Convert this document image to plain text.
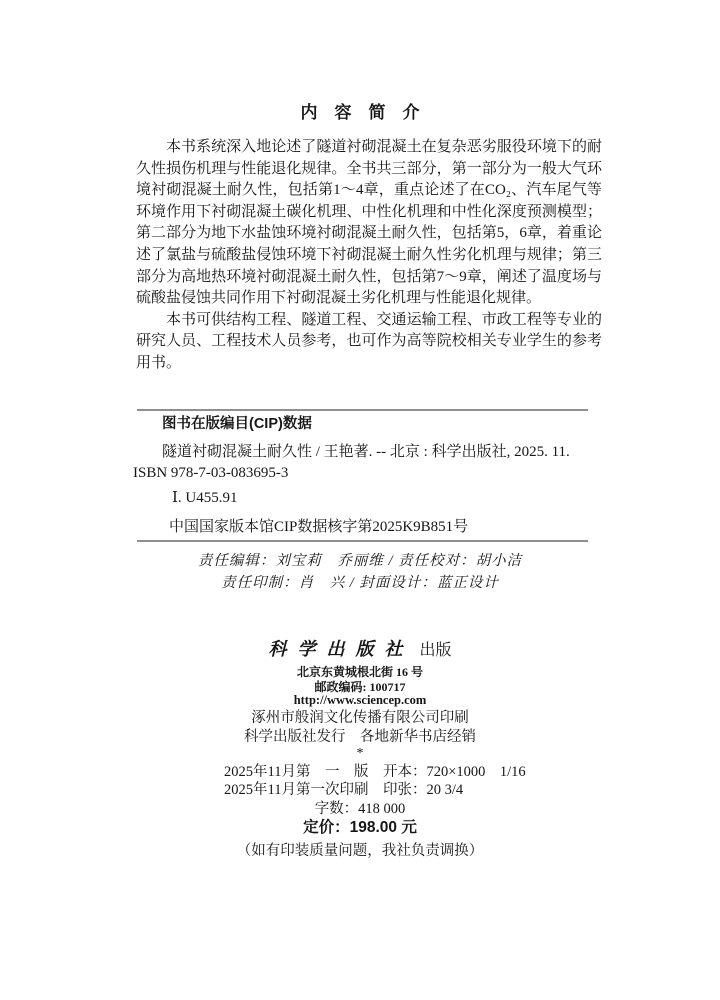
内容简介

本书系统深入地论述了隧道衬砌混凝土在复杂恶劣服役环境下的耐久性损伤机理与性能退化规律。全书共三部分，第一部分为一般大气环境衬砌混凝土耐久性，包括第1～4章，重点论述了在CO₂、汽车尾气等环境作用下衬砌混凝土碳化机理、中性化机理和中性化深度预测模型；第二部分为地下水盐蚀环境衬砌混凝土耐久性，包括第5，6章，着重论述了氯盐与硫酸盐侵蚀环境下衬砌混凝土耐久性劣化机理与规律；第三部分为高地热环境衬砌混凝土耐久性，包括第7～9章，阐述了温度场与硫酸盐侵蚀共同作用下衬砌混凝土劣化机理与性能退化规律。

本书可供结构工程、隧道工程、交通运输工程、市政工程等专业的研究人员、工程技术人员参考，也可作为高等院校相关专业学生的参考用书。

图书在版编目(CIP)数据
隧道衬砌混凝土耐久性 / 王艳著. -- 北京 : 科学出版社, 2025. 11.
ISBN 978-7-03-083695-3
Ⅰ. U455.91
中国国家版本馆CIP数据核字第2025K9B851号
责任编辑：刘宝莉　乔丽维 / 责任校对：胡小洁
责任印制：肖　兴 / 封面设计：蓝正设计
科学出版社 出版
北京东黄城根北街 16 号
邮政编码: 100717
http://www.sciencep.com
涿州市般润文化传播有限公司印刷
科学出版社发行　各地新华书店经销
*
2025年11月第　一　版　开本：720×1000　1/16
2025年11月第一次印刷　印张：20 3/4
字数：418 000
定价：198.00 元
（如有印装质量问题，我社负责调换）
